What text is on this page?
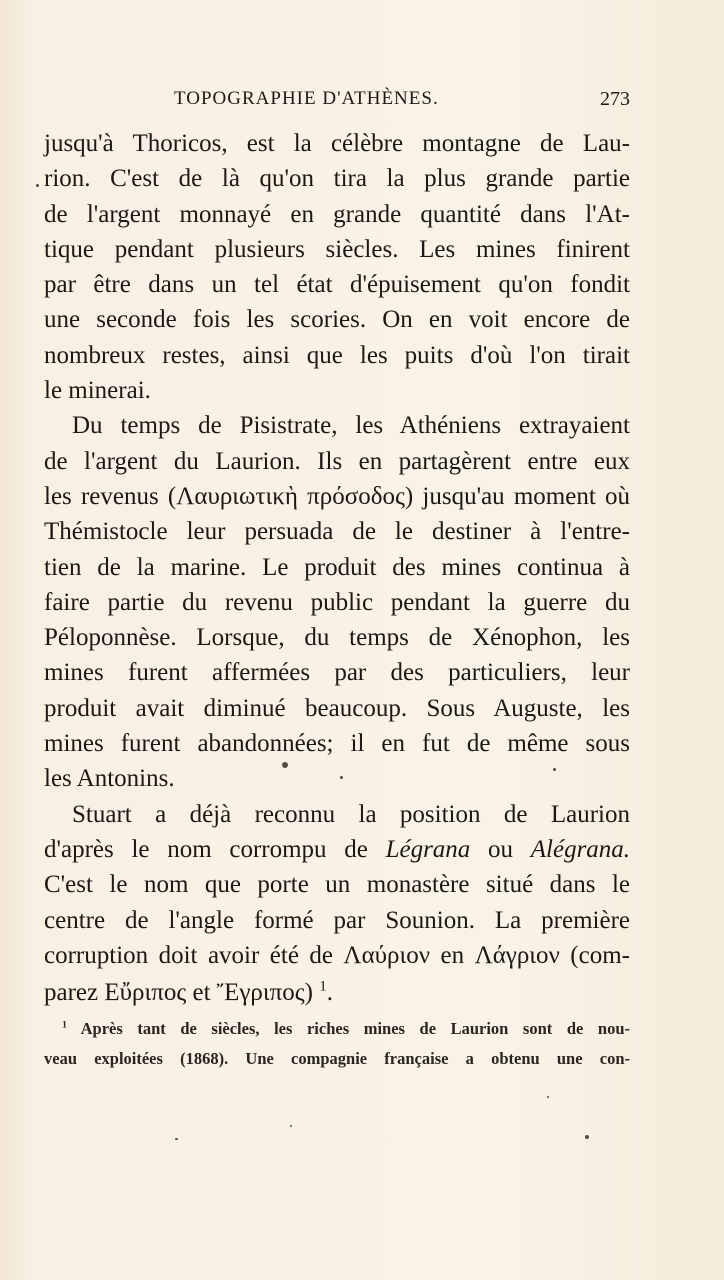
TOPOGRAPHIE D'ATHÈNES.	273
jusqu'à Thoricos, est la célèbre montagne de Lau-
rion. C'est de là qu'on tira la plus grande partie
de l'argent monnayé en grande quantité dans l'At-
tique pendant plusieurs siècles. Les mines finirent
par être dans un tel état d'épuisement qu'on fondit
une seconde fois les scories. On en voit encore de
nombreux restes, ainsi que les puits d'où l'on tirait
le minerai.
Du temps de Pisistrate, les Athéniens extrayaient
de l'argent du Laurion. Ils en partagèrent entre eux
les revenus (Λαυριωτικὴ πρόσοδος) jusqu'au moment où
Thémistocle leur persuada de le destiner à l'entre-
tien de la marine. Le produit des mines continua à
faire partie du revenu public pendant la guerre du
Péloponnèse. Lorsque, du temps de Xénophon, les
mines furent affermées par des particuliers, leur
produit avait diminué beaucoup. Sous Auguste, les
mines furent abandonnées; il en fut de même sous
les Antonins.
Stuart a déjà reconnu la position de Laurion
d'après le nom corrompu de Légrana ou Alégrana.
C'est le nom que porte un monastère situé dans le
centre de l'angle formé par Sounion. La première
corruption doit avoir été de Λαύριον en Λάγριον (com-
parez Εὔριπος et Ἔγριπος) $^1$.
$^1$ Après tant de siècles, les riches mines de Laurion sont de nou-
veau exploitées (1868). Une compagnie française a obtenu une con-
